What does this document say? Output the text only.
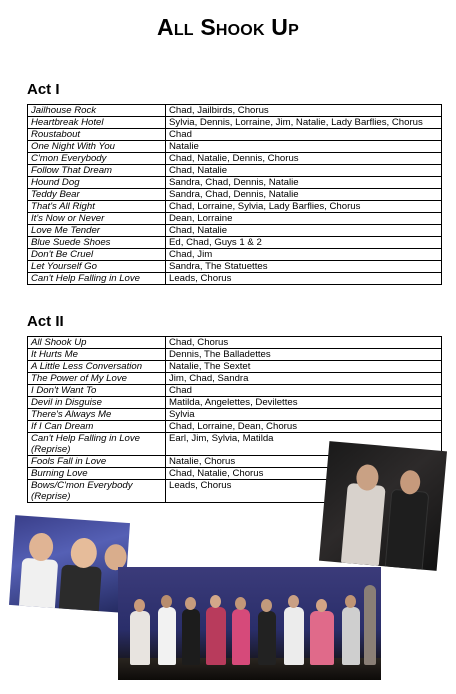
All Shook Up
Act I
Jailhouse Rock	Chad, Jailbirds, Chorus
Heartbreak Hotel	Sylvia, Dennis, Lorraine, Jim, Natalie, Lady Barflies, Chorus
Roustabout	Chad
One Night With You	Natalie
C'mon Everybody	Chad, Natalie, Dennis, Chorus
Follow That Dream	Chad, Natalie
Hound Dog	Sandra, Chad, Dennis, Natalie
Teddy Bear	Sandra, Chad, Dennis, Natalie
That's All Right	Chad, Lorraine, Sylvia, Lady Barflies, Chorus
It's Now or Never	Dean, Lorraine
Love Me Tender	Chad, Natalie
Blue Suede Shoes	Ed, Chad, Guys 1 & 2
Don't Be Cruel	Chad, Jim
Let Yourself Go	Sandra, The Statuettes
Can't Help Falling in Love	Leads, Chorus
Act II
All Shook Up	Chad, Chorus
It Hurts Me	Dennis, The Balladettes
A Little Less Conversation	Natalie, The Sextet
The Power of My Love	Jim, Chad, Sandra
I Don't Want To	Chad
Devil in Disguise	Matilda, Angelettes, Devilettes
There's Always Me	Sylvia
If I Can Dream	Chad, Lorraine, Dean, Chorus
Can't Help Falling in Love (Reprise)	Earl, Jim, Sylvia, Matilda
Fools Fall in Love	Natalie, Chorus
Burning Love	Chad, Natalie, Chorus
Bows/C'mon Everybody (Reprise)	Leads, Chorus
